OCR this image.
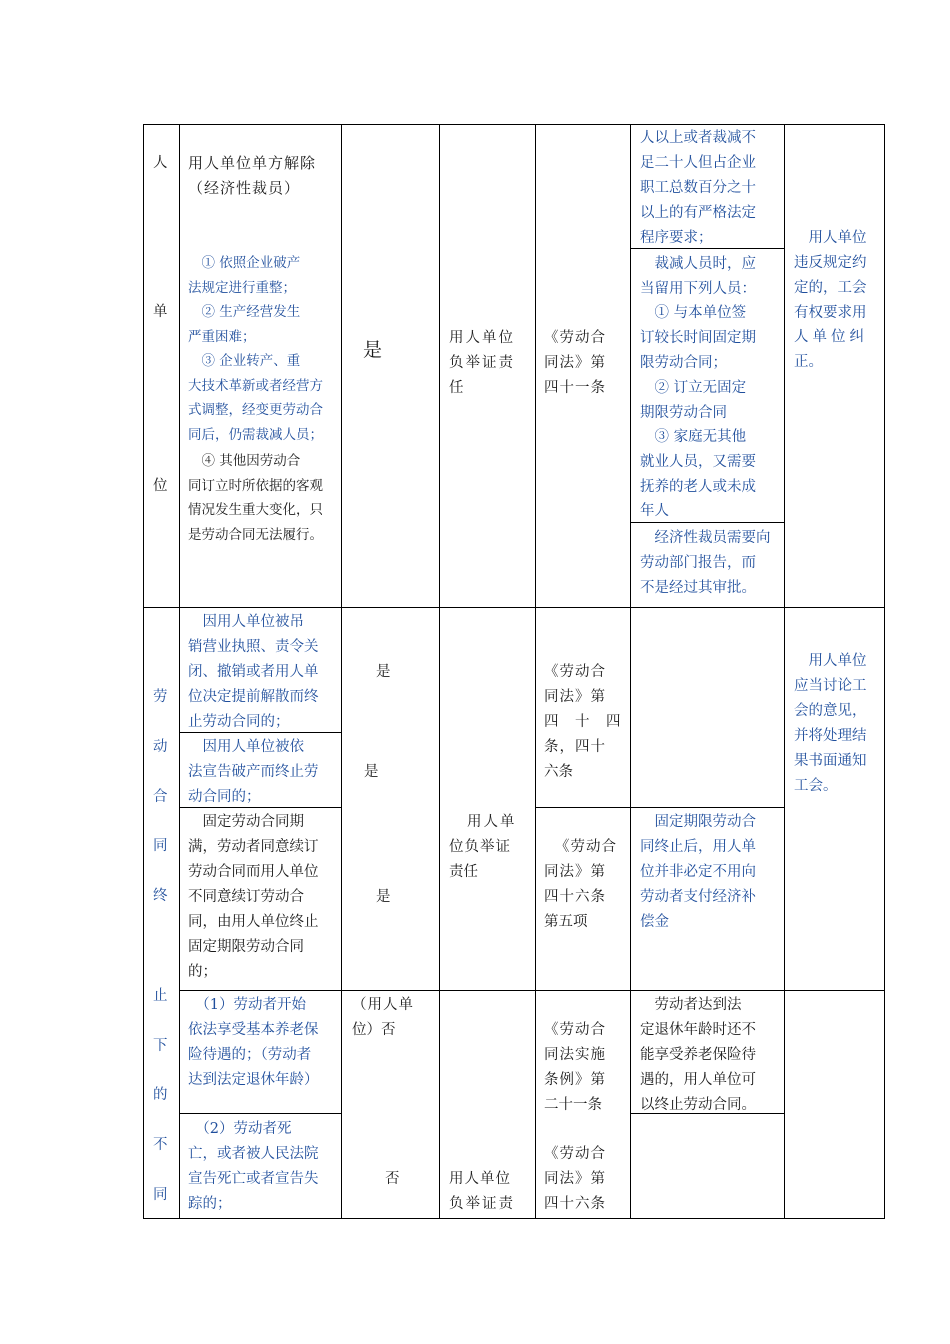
人
单
位
用人单位单方解除
（经济性裁员）
　① 依照企业破产
法规定进行重整；
　② 生产经营发生
严重困难；
　③ 企业转产、重
大技术革新或者经营方
式调整，经变更劳动合
同后，仍需裁减人员；
　④ 其他因劳动合
同订立时所依据的客观
情况发生重大变化，只
是劳动合同无法履行。
是
用人单位
负举证责
任
《劳动合
同法》第
四十一条
人以上或者裁减不
足二十人但占企业
职工总数百分之十
以上的有严格法定
程序要求；
　裁减人员时，应
当留用下列人员：
　① 与本单位签
订较长时间固定期
限劳动合同；
　② 订立无固定
期限劳动合同
　③ 家庭无其他
就业人员，又需要
抚养的老人或未成
年人
　经济性裁员需要向
劳动部门报告，而
不是经过其审批。
　用人单位
违反规定约
定的，工会
有权要求用
人单位纠
正。
劳
动
合
同
终
止
下
的
不
同
　因用人单位被吊
销营业执照、责令关
闭、撤销或者用人单
位决定提前解散而终
止劳动合同的；
是
　因用人单位被依
法宣告破产而终止劳
动合同的；
是
《劳动合
同法》第
四　十　四
条，四十
六条
　固定劳动合同期
满，劳动者同意续订
劳动合同而用人单位
不同意续订劳动合
同，由用人单位终止
固定期限劳动合同
的；
是
用人单
位负举证
责任
《劳动合
同法》第
四十六条
第五项
　固定期限劳动合
同终止后，用人单
位并非必定不用向
劳动者支付经济补
偿金
　用人单位
应当讨论工
会的意见，
并将处理结
果书面通知
工会。
　（1）劳动者开始
依法享受基本养老保
险待遇的；（劳动者
达到法定退休年龄）
（用人单
位）否	《劳动合
同法实施
条例》第
二十一条
　劳动者达到法
定退休年龄时还不
能享受养老保险待
遇的，用人单位可
以终止劳动合同。
　（2）劳动者死
亡，或者被人民法院
宣告死亡或者宣告失
踪的；
否	用人单位
负举证责
《劳动合
同法》第
四十六条
